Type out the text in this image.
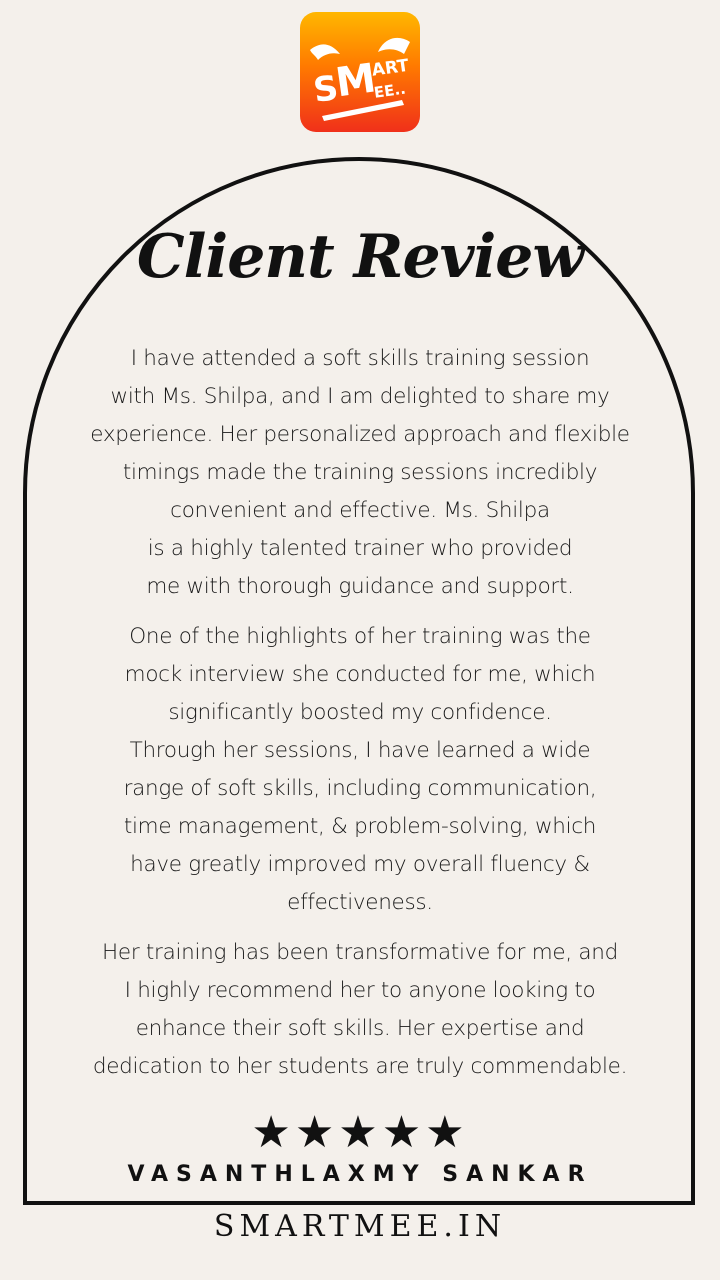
S
M
ART
EE..
Client Review

I have attended a soft skills training session
with Ms. Shilpa, and I am delighted to share my
experience. Her personalized approach and flexible
timings made the training sessions incredibly
convenient and effective. Ms. Shilpa
is a highly talented trainer who provided
me with thorough guidance and support.

One of the highlights of her training was the
mock interview she conducted for me, which
significantly boosted my confidence.
Through her sessions, I have learned a wide
range of soft skills, including communication,
time management, & problem-solving, which
have greatly improved my overall fluency &
effectiveness.

Her training has been transformative for me, and
I highly recommend her to anyone looking to
enhance their soft skills. Her expertise and
dedication to her students are truly commendable.

★★★★★
VASANTHLAXMY SANKAR
SMARTMEE.IN
